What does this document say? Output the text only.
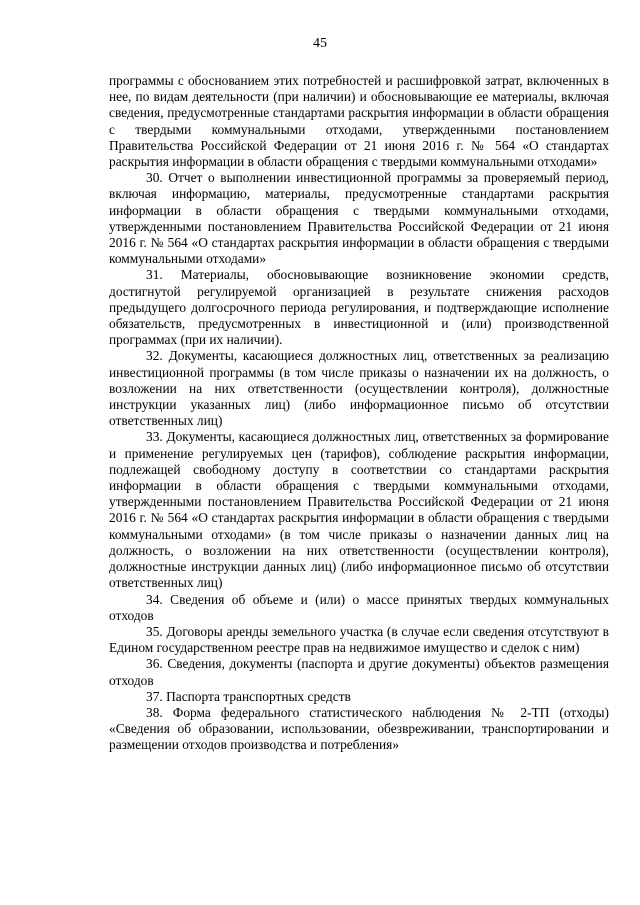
45

программы с обоснованием этих потребностей и расшифровкой затрат, включенных в нее, по видам деятельности (при наличии) и обосновывающие ее материалы, включая сведения, предусмотренные стандартами раскрытия информации в области обращения с твердыми коммунальными отходами, утвержденными постановлением Правительства Российской Федерации от 21 июня 2016 г. № 564 «О стандартах раскрытия информации в области обращения с твердыми коммунальными отходами»

30. Отчет о выполнении инвестиционной программы за проверяемый период, включая информацию, материалы, предусмотренные стандартами раскрытия информации в области обращения с твердыми коммунальными отходами, утвержденными постановлением Правительства Российской Федерации от 21 июня 2016 г. № 564 «О стандартах раскрытия информации в области обращения с твердыми коммунальными отходами»

31. Материалы, обосновывающие возникновение экономии средств, достигнутой регулируемой организацией в результате снижения расходов предыдущего долгосрочного периода регулирования, и подтверждающие исполнение обязательств, предусмотренных в инвестиционной и (или) производственной программах (при их наличии).

32. Документы, касающиеся должностных лиц, ответственных за реализацию инвестиционной программы (в том числе приказы о назначении их на должность, о возложении на них ответственности (осуществлении контроля), должностные инструкции указанных лиц) (либо информационное письмо об отсутствии ответственных лиц)

33. Документы, касающиеся должностных лиц, ответственных за формирование и применение регулируемых цен (тарифов), соблюдение раскрытия информации, подлежащей свободному доступу в соответствии со стандартами раскрытия информации в области обращения с твердыми коммунальными отходами, утвержденными постановлением Правительства Российской Федерации от 21 июня 2016 г. № 564 «О стандартах раскрытия информации в области обращения с твердыми коммунальными отходами» (в том числе приказы о назначении данных лиц на должность, о возложении на них ответственности (осуществлении контроля), должностные инструкции данных лиц) (либо информационное письмо об отсутствии ответственных лиц)

34. Сведения об объеме и (или) о массе принятых твердых коммунальных отходов

35. Договоры аренды земельного участка (в случае если сведения отсутствуют в Едином государственном реестре прав на недвижимое имущество и сделок с ним)

36. Сведения, документы (паспорта и другие документы) объектов размещения отходов

37. Паспорта транспортных средств

38. Форма федерального статистического наблюдения № 2-ТП (отходы) «Сведения об образовании, использовании, обезвреживании, транспортировании и размещении отходов производства и потребления»
